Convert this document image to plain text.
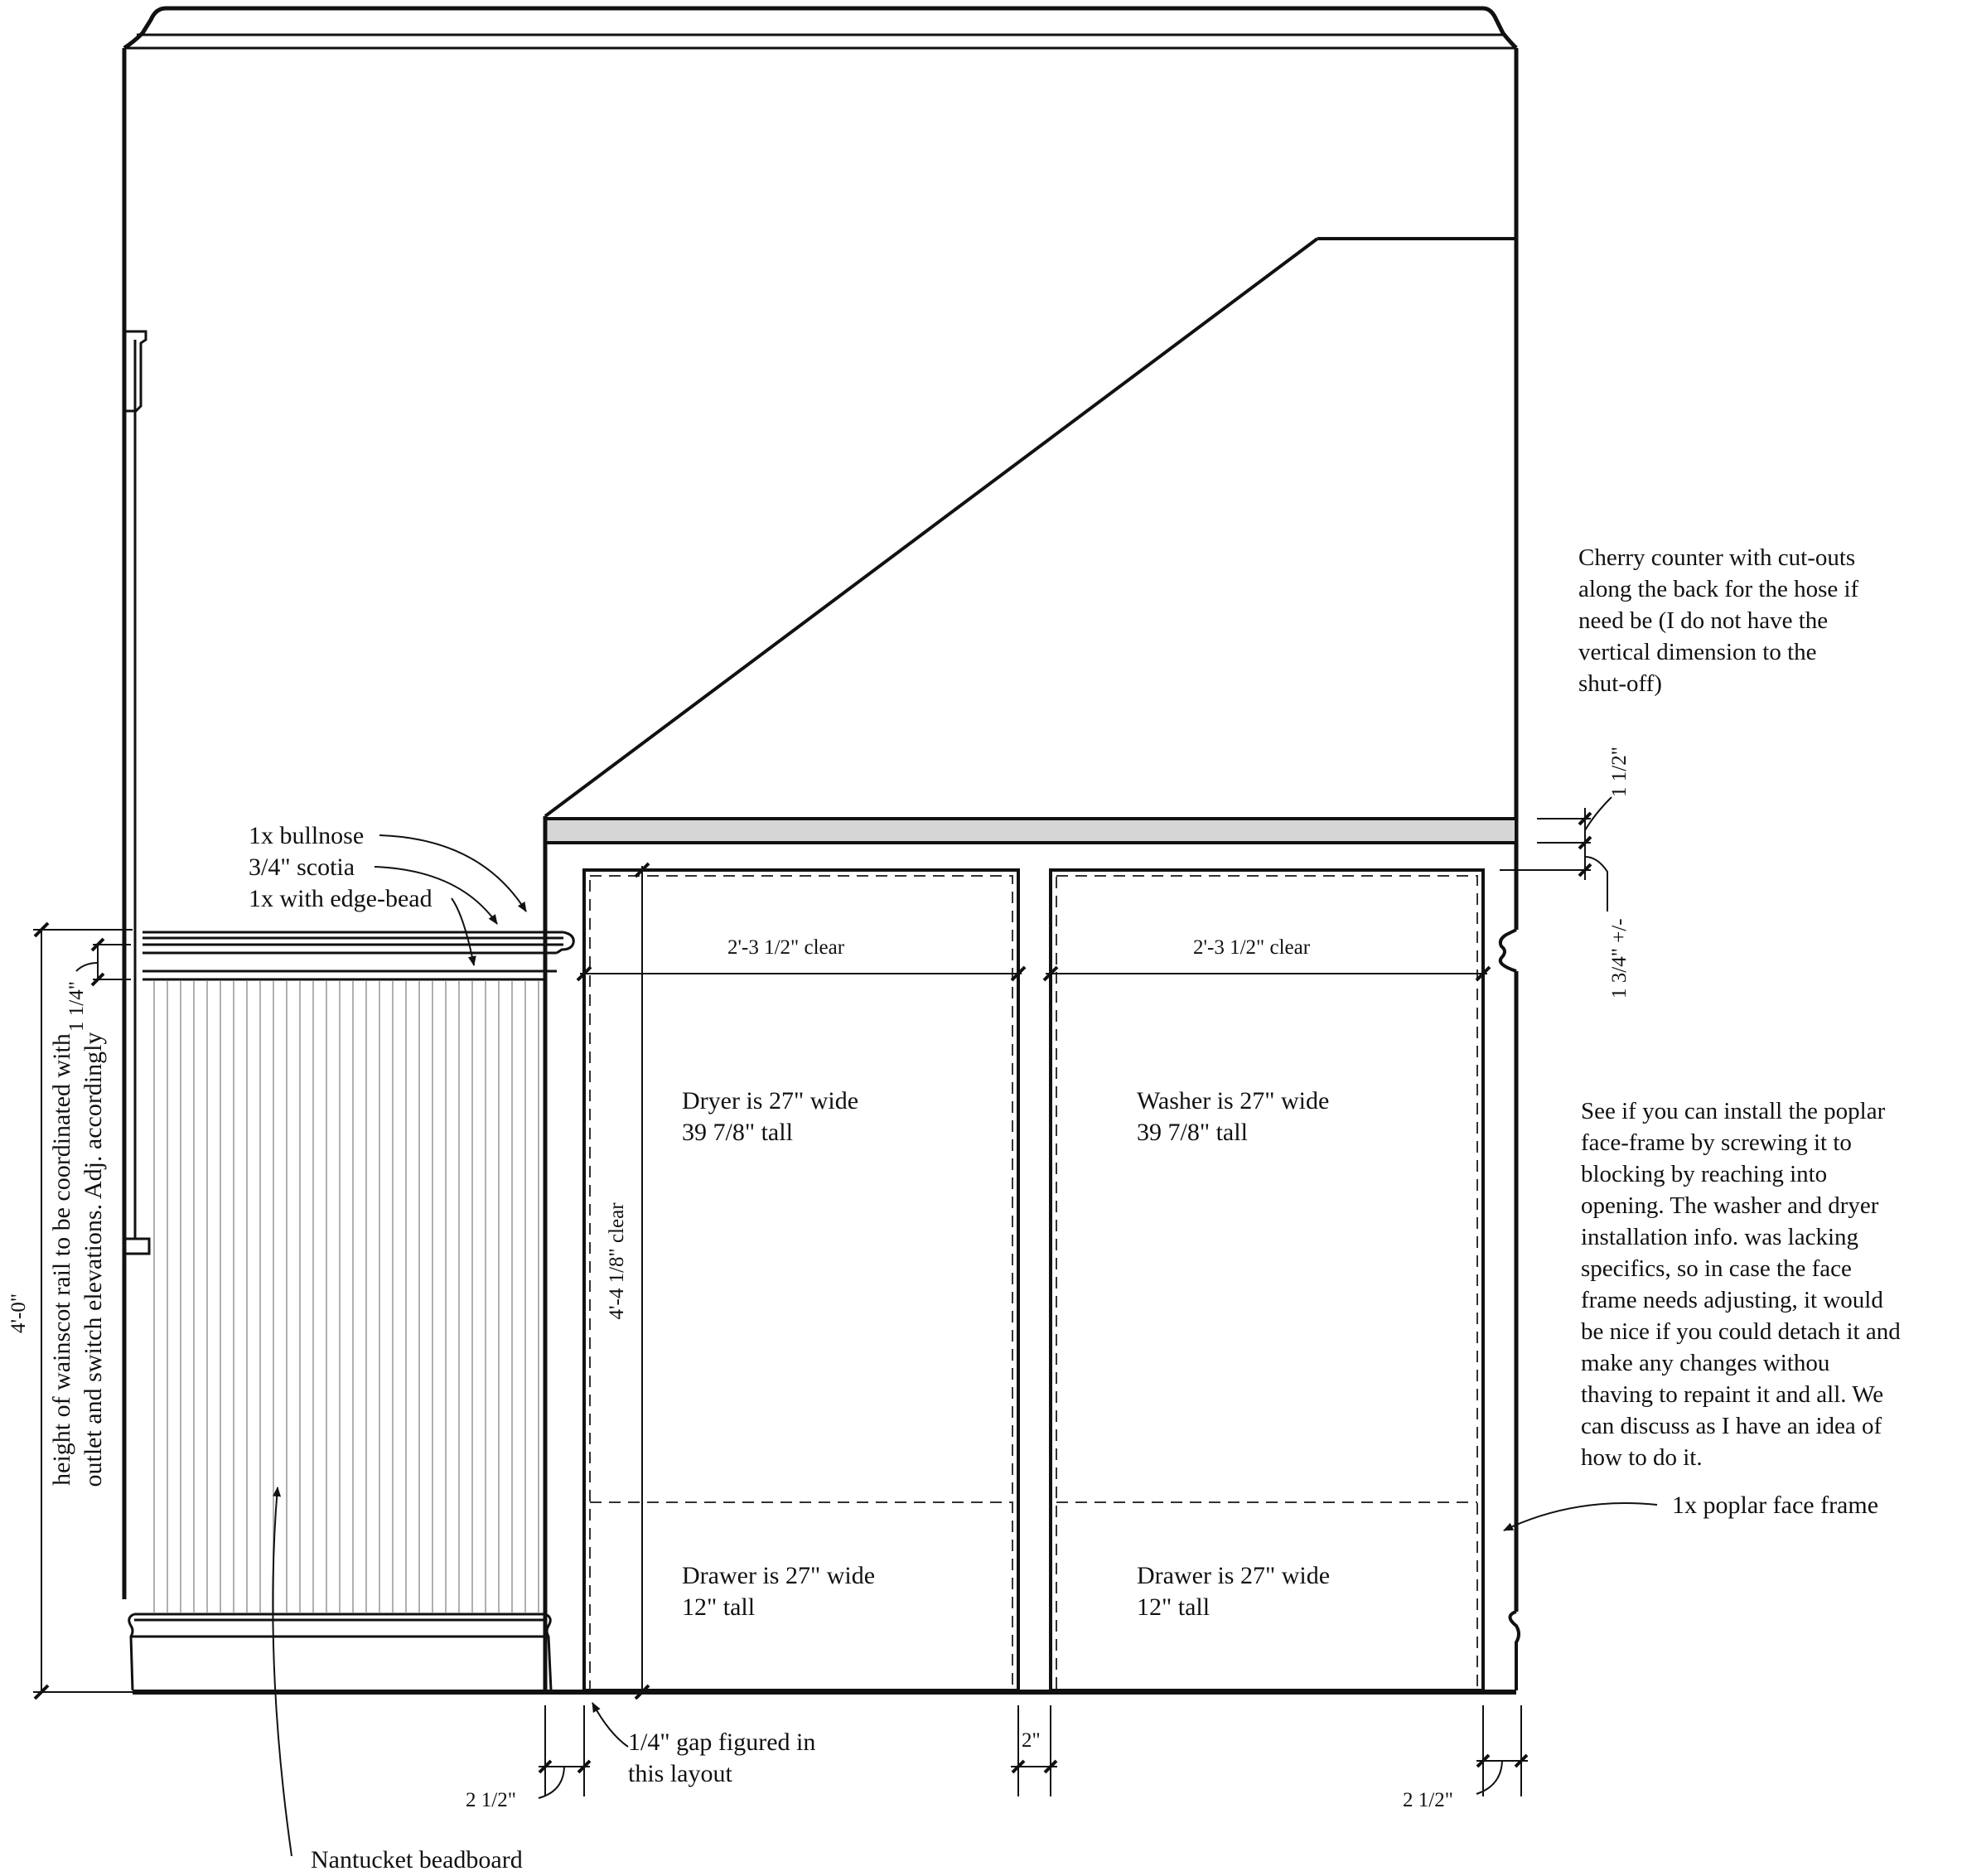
1x bullnose
3/4" scotia
1x with edge-bead
1 1/4"
height of wainscot rail to be coordinated with outlet and switch elevations. Adj. accordingly
4'-0"
Nantucket beadboard
2'-3 1/2" clear	2'-3 1/2" clear
4'-4 1/8" clear
Dryer is 27" wide
39 7/8" tall
Washer is 27" wide
39 7/8" tall
Drawer is 27" wide
12" tall
Drawer is 27" wide
12" tall
1/4" gap figured in
this layout
2 1/2"
2"
2 1/2"
1 1/2"
1 3/4" +/-
1x poplar face frame
Cherry counter with cut-outs along the back for the hose if need be (I do not have the vertical dimension to the shut-off)
See if you can install the poplar face-frame by screwing it to blocking by reaching into opening. The washer and dryer installation info. was lacking specifics, so in case the face frame needs adjusting, it would be nice if you could detach it and make any changes withou thaving to repaint it and all. We can discuss as I have an idea of how to do it.
